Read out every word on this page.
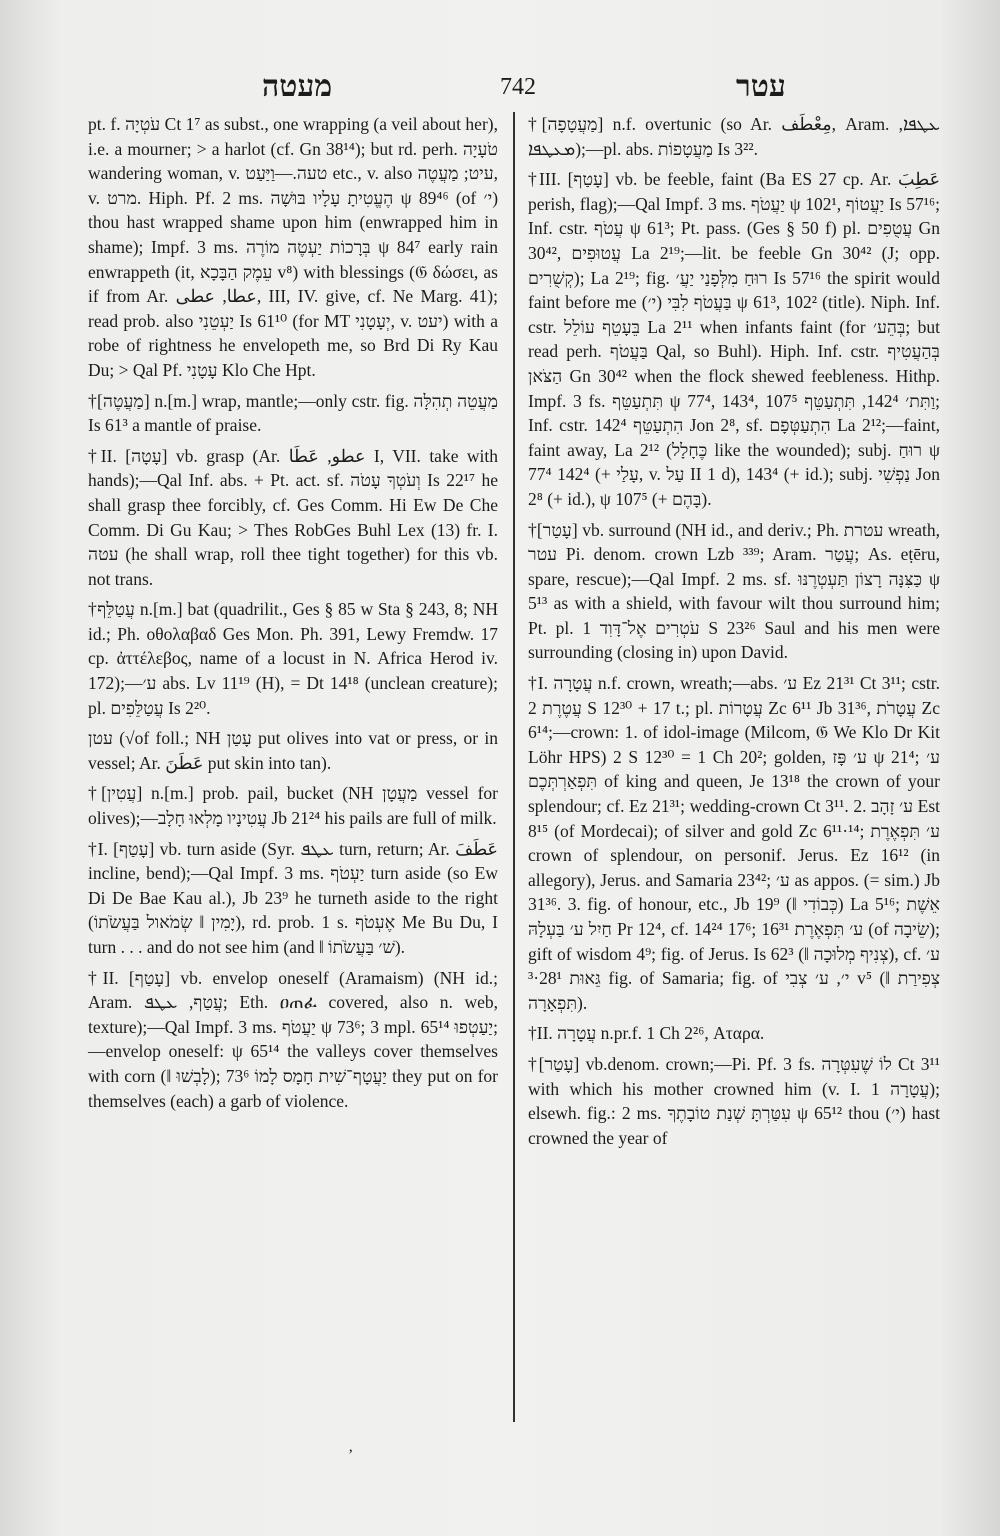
מעטה	742	עטר

pt. f. עֹטְיָה Ct 1⁷ as subst., one wrapping (a veil about her), i.e. a mourner; > a harlot (cf. Gn 38¹⁴); but rd. perh. טֹעָיָה wandering woman, v. טעה.—וַיַּעַט etc., v. also עיט; מַעֲטֶה, v. מרט. Hiph. Pf. 2 ms. הֶעֱטִיתָ עָלָיו בּוּשָׁה ψ 89⁴⁶ (of י׳) thou hast wrapped shame upon him (enwrapped him in shame); Impf. 3 ms. בְּרָכוֹת יַעְטֶה מוֹרֶה ψ 84⁷ early rain enwrappeth (it, עֵמֶק הַבָּכָא v⁸) with blessings (𝔊 δώσει, as if from Ar. عطا, عطى, III, IV. give, cf. Ne Marg. 41); read prob. also יַעְטֵנִי Is 61¹⁰ (for MT יְעָטָנִי, v. יעט) with a robe of rightness he envelopeth me, so Brd Di Ry Kau Du; > Qal Pf. עָטָנִי Klo Che Hpt.

†[מַעֲטֶה] n.[m.] wrap, mantle;—only cstr. fig. מַעֲטֵה תְהִלָּה Is 61³ a mantle of praise.

†II. [עָטָה] vb. grasp (Ar. عطو, عَطَا I, VII. take with hands);—Qal Inf. abs. + Pt. act. sf. וְעֹטְךָ עָטֹה Is 22¹⁷ he shall grasp thee forcibly, cf. Ges Comm. Hi Ew De Che Comm. Di Gu Kau; > Thes RobGes Buhl Lex (13) fr. I. עטה (he shall wrap, roll thee tight together) for this vb. not trans.

†עֲטַלֵּף n.[m.] bat (quadrilit., Ges § 85 w Sta § 243, 8; NH id.; Ph. οθολαβαδ Ges Mon. Ph. 391, Lewy Fremdw. 17 cp. ἀττέλεβος, name of a locust in N. Africa Herod iv. 172);—ע׳ abs. Lv 11¹⁹ (H), = Dt 14¹⁸ (unclean creature); pl. עֲטַלֵּפִים Is 2²⁰.

עטן (√of foll.; NH עָטַן put olives into vat or press, or in vessel; Ar. عَطَنَ put skin into tan).

†[עֲטִין] n.[m.] prob. pail, bucket (NH מַעֲטָן vessel for olives);—עֲטִינָיו מָלְאוּ חָלָב Jb 21²⁴ his pails are full of milk.

†I. [עָטַף] vb. turn aside (Syr. ܥܛܦ turn, return; Ar. عَطَفَ incline, bend);—Qal Impf. 3 ms. יַעְטֹף turn aside (so Ew Di De Bae Kau al.), Jb 23⁹ he turneth aside to the right (יָמִין ‖ שְׂמֹאול בַּעֲשֹׂתוֹ), rd. prob. 1 s. אֶעְטֹף Me Bu Du, I turn . . . and do not see him (and ‖ שׁ׳ בַּעֲשֹׂתוֹ).

†II. [עָטַף] vb. envelop oneself (Aramaism) (NH id.; Aram. עֲטַף, ܥܛܦ; Eth. ዐጠፈ covered, also n. web, texture);—Qal Impf. 3 ms. יַעֲטֹף ψ 73⁶; 3 mpl. יַעַטְפוּ 65¹⁴;—envelop oneself: ψ 65¹⁴ the valleys cover themselves with corn (‖ לָבְשׁוּ); יַעֲטָף־שִׁית חָמָס לָמוֹ 73⁶ they put on for themselves (each) a garb of violence.

†[מַעֲטָפָה] n.f. overtunic (so Ar. مِعْطَف, Aram. ܥܛܦܐ, ܡܥܛܦܐ);—pl. abs. מַעֲטָפוֹת Is 3²².

†III. [עָטַף] vb. be feeble, faint (Ba ES 27 cp. Ar. عَطِبَ perish, flag);—Qal Impf. 3 ms. יַעֲטֹף ψ 102¹, יַעֲטוֹף Is 57¹⁶; Inf. cstr. עֲטֹף ψ 61³; Pt. pass. (Ges § 50 f) pl. עֲטֻפִים Gn 30⁴², עֲטוּפִים La 2¹⁹;—lit. be feeble Gn 30⁴² (J; opp. קְשֻׁרִים); La 2¹⁹; fig. רוּחַ מִלְּפָנַי יַעֲ׳ Is 57¹⁶ the spirit would faint before me (י׳) בַּעֲטֹף לִבִּי ψ 61³, 102² (title). Niph. Inf. cstr. בֵּעָטֵף עוֹלֵל La 2¹¹ when infants faint (for בְּהֵע׳; but read perh. בַּעֲטֹף Qal, so Buhl). Hiph. Inf. cstr. בְּהַעֲטִיף הַצֹּאן Gn 30⁴² when the flock shewed feebleness. Hithp. Impf. 3 fs. תִּתְעַטֵּף ψ 77⁴, 143⁴, וַתִּת׳ 142⁴, תִּתְעַטֵּף 107⁵; Inf. cstr. הִתְעַטֵּף 142⁴ Jon 2⁸, sf. הִתְעַטְּפָם La 2¹²;—faint, faint away, La 2¹² (כֶּחָלָל like the wounded); subj. רוּחַ ψ 77⁴ 142⁴ (+ עָלַי, v. עַל II 1 d), 143⁴ (+ id.); subj. נַפְשִׁי Jon 2⁸ (+ id.), ψ 107⁵ (+ בָּהֶם).

†[עָטַר] vb. surround (NH id., and deriv.; Ph. עטרת wreath, עטר Pi. denom. crown Lzb ³³⁹; Aram. עֲטַר; As. eṭēru, spare, rescue);—Qal Impf. 2 ms. sf. כַּצִּנָּה רָצוֹן תַּעְטְרֶנּוּ ψ 5¹³ as with a shield, with favour wilt thou surround him; Pt. pl. עֹטְרִים אֶל־דָּוִד 1 S 23²⁶ Saul and his men were surrounding (closing in) upon David.

†I. עֲטָרָה n.f. crown, wreath;—abs. ע׳ Ez 21³¹ Ct 3¹¹; cstr. עֲטֶרֶת 2 S 12³⁰ + 17 t.; pl. עֲטָרוֹת Zc 6¹¹ Jb 31³⁶, עֲטָרֹת Zc 6¹⁴;—crown: 1. of idol-image (Milcom, 𝔊 We Klo Dr Kit Löhr HPS) 2 S 12³⁰ = 1 Ch 20²; golden, ע׳ פָּז ψ 21⁴; ע׳ תִּפְאַרְתְּכֶם of king and queen, Je 13¹⁸ the crown of your splendour; cf. Ez 21³¹; wedding-crown Ct 3¹¹. 2. ע׳ זָהָב Est 8¹⁵ (of Mordecai); of silver and gold Zc 6¹¹·¹⁴; ע׳ תִּפְאֶרֶת crown of splendour, on personif. Jerus. Ez 16¹² (in allegory), Jerus. and Samaria 23⁴²; ע׳ as appos. (= sim.) Jb 31³⁶. 3. fig. of honour, etc., Jb 19⁹ (‖ כְּבוֹדִי) La 5¹⁶; אֵשֶׁת חַיִל ע׳ בַּעְלָהּ Pr 12⁴, cf. 14²⁴ 17⁶; ע׳ תִּפְאֶרֶת 16³¹ (of שֵׂיבָה); gift of wisdom 4⁹; fig. of Jerus. Is 62³ (‖ צְנִיף מְלוּכָה), cf. ע׳ גֵּאוּת 28¹·³ fig. of Samaria; fig. of י׳, ע׳ צְבִי v⁵ (‖ צְפִירַת תִּפְאָרָה).

†II. עֲטָרָה n.pr.f. 1 Ch 2²⁶, Αταρα.

†[עָטַר] vb.denom. crown;—Pi. Pf. 3 fs. לוֹ שֶׁעִטְּרָה Ct 3¹¹ with which his mother crowned him (v. I. עֲטָרָה 1); elsewh. fig.: 2 ms. עִטַּרְתָּ שְׁנַת טוֹבָתֶךָ ψ 65¹² thou (י׳) hast crowned the year of

‚
